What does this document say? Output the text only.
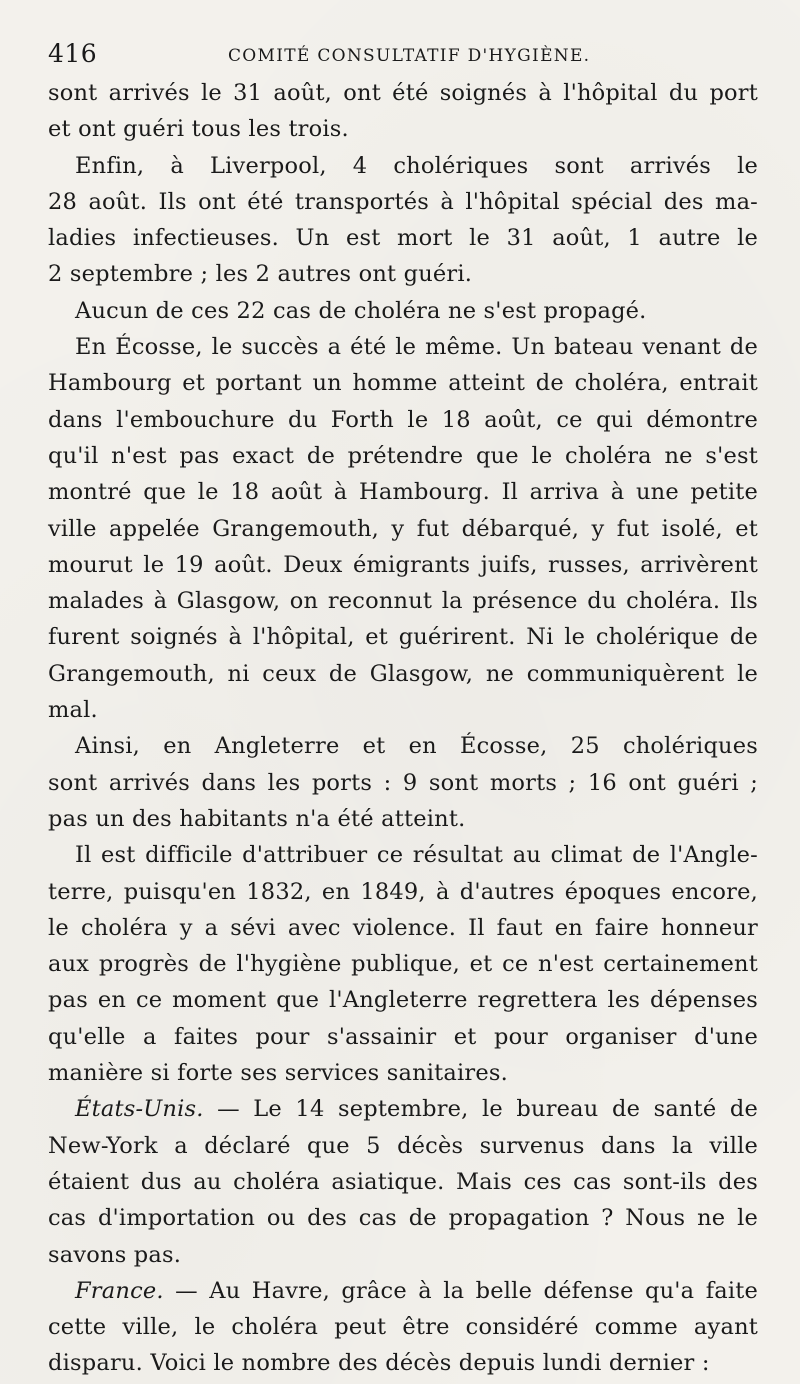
416	COMITÉ CONSULTATIF D'HYGIÈNE.
sont arrivés le 31 août, ont été soignés à l'hôpital du port
et ont guéri tous les trois.
Enfin, à Liverpool, 4 cholériques sont arrivés le
28 août. Ils ont été transportés à l'hôpital spécial des ma-
ladies infectieuses. Un est mort le 31 août, 1 autre le
2 septembre ; les 2 autres ont guéri.
Aucun de ces 22 cas de choléra ne s'est propagé.
En Écosse, le succès a été le même. Un bateau venant de
Hambourg et portant un homme atteint de choléra, entrait
dans l'embouchure du Forth le 18 août, ce qui démontre
qu'il n'est pas exact de prétendre que le choléra ne s'est
montré que le 18 août à Hambourg. Il arriva à une petite
ville appelée Grangemouth, y fut débarqué, y fut isolé, et
mourut le 19 août. Deux émigrants juifs, russes, arrivèrent
malades à Glasgow, on reconnut la présence du choléra. Ils
furent soignés à l'hôpital, et guérirent. Ni le cholérique de
Grangemouth, ni ceux de Glasgow, ne communiquèrent le
mal.
Ainsi, en Angleterre et en Écosse, 25 cholériques
sont arrivés dans les ports : 9 sont morts ; 16 ont guéri ;
pas un des habitants n'a été atteint.
Il est difficile d'attribuer ce résultat au climat de l'Angle-
terre, puisqu'en 1832, en 1849, à d'autres époques encore,
le choléra y a sévi avec violence. Il faut en faire honneur
aux progrès de l'hygiène publique, et ce n'est certainement
pas en ce moment que l'Angleterre regrettera les dépenses
qu'elle a faites pour s'assainir et pour organiser d'une
manière si forte ses services sanitaires.
États-Unis. — Le 14 septembre, le bureau de santé de
New-York a déclaré que 5 décès survenus dans la ville
étaient dus au choléra asiatique. Mais ces cas sont-ils des
cas d'importation ou des cas de propagation ? Nous ne le
savons pas.
France. — Au Havre, grâce à la belle défense qu'a faite
cette ville, le choléra peut être considéré comme ayant
disparu. Voici le nombre des décès depuis lundi dernier :
